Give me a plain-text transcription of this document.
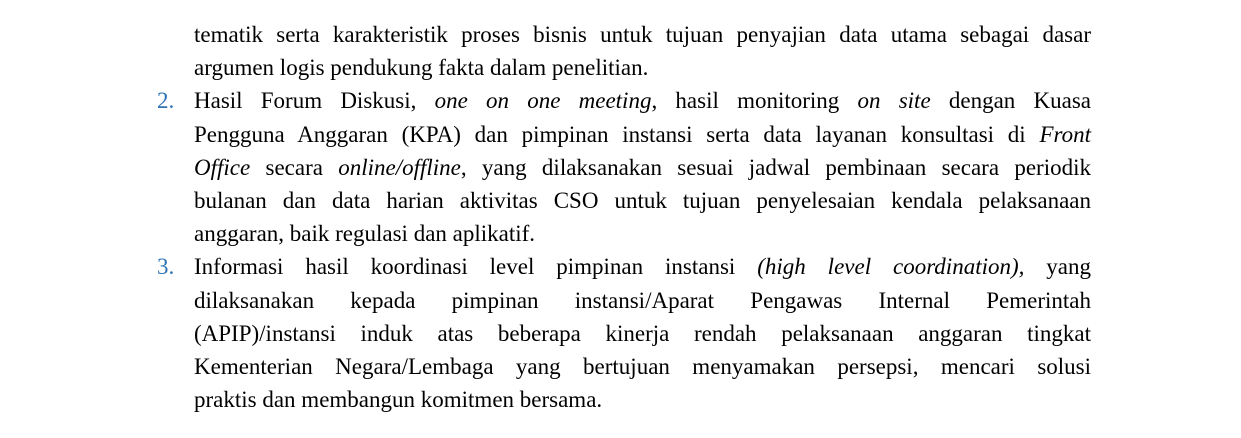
tematik serta karakteristik proses bisnis untuk tujuan penyajian data utama sebagai dasar
argumen logis pendukung fakta dalam penelitian.
2. Hasil Forum Diskusi, one on one meeting, hasil monitoring on site dengan Kuasa
Pengguna Anggaran (KPA) dan pimpinan instansi serta data layanan konsultasi di Front
Office secara online/offline, yang dilaksanakan sesuai jadwal pembinaan secara periodik
bulanan dan data harian aktivitas CSO untuk tujuan penyelesaian kendala pelaksanaan
anggaran, baik regulasi dan aplikatif.
3. Informasi hasil koordinasi level pimpinan instansi (high level coordination), yang
dilaksanakan kepada pimpinan instansi/Aparat Pengawas Internal Pemerintah
(APIP)/instansi induk atas beberapa kinerja rendah pelaksanaan anggaran tingkat
Kementerian Negara/Lembaga yang bertujuan menyamakan persepsi, mencari solusi
praktis dan membangun komitmen bersama.
